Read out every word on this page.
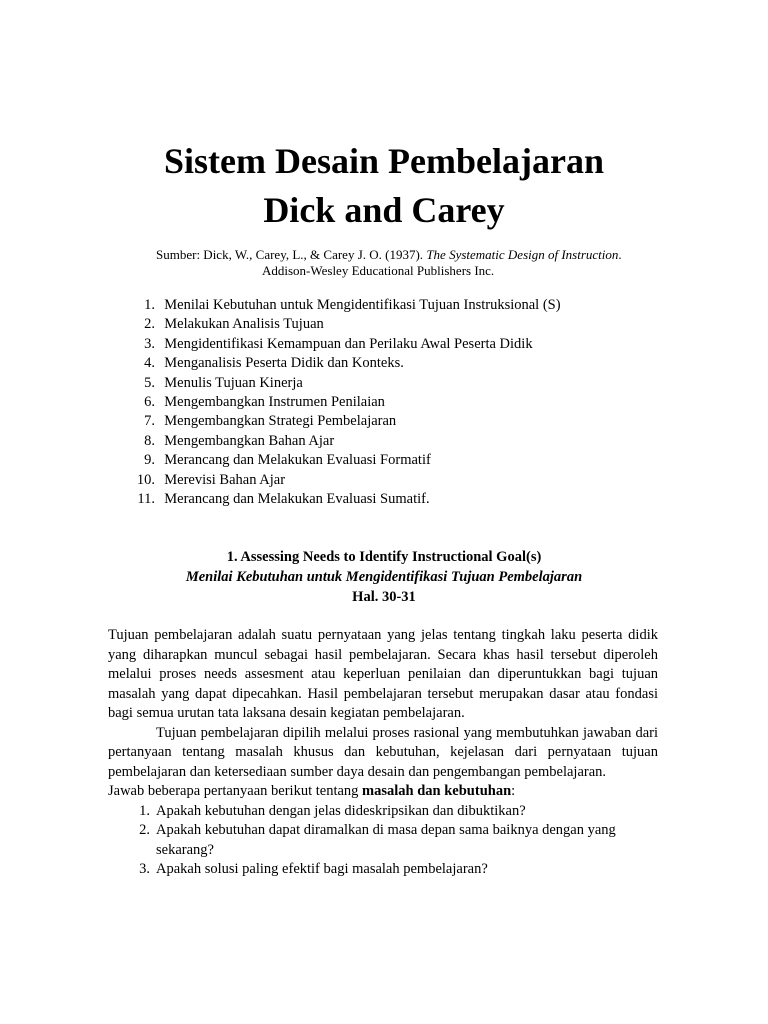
Sistem Desain Pembelajaran
Dick and Carey
Sumber: Dick, W., Carey, L., & Carey J. O. (1937). The Systematic Design of Instruction.
Addison-Wesley Educational Publishers Inc.
1.
Menilai Kebutuhan untuk Mengidentifikasi Tujuan Instruksional (S)
2.
Melakukan Analisis Tujuan
3.
Mengidentifikasi Kemampuan dan Perilaku Awal Peserta Didik
4.
Menganalisis Peserta Didik dan Konteks.
5.
Menulis Tujuan Kinerja
6.
Mengembangkan Instrumen Penilaian
7.
Mengembangkan Strategi Pembelajaran
8.
Mengembangkan Bahan Ajar
9.
Merancang dan Melakukan Evaluasi Formatif
10.
Merevisi Bahan Ajar
11.
Merancang dan Melakukan Evaluasi Sumatif.
1. Assessing Needs to Identify Instructional Goal(s)
Menilai Kebutuhan untuk Mengidentifikasi Tujuan Pembelajaran
Hal. 30-31

Tujuan pembelajaran adalah suatu pernyataan yang jelas tentang tingkah laku peserta didik yang diharapkan muncul sebagai hasil pembelajaran. Secara khas hasil tersebut diperoleh melalui proses needs assesment atau keperluan penilaian dan diperuntukkan bagi tujuan masalah yang dapat dipecahkan. Hasil pembelajaran tersebut merupakan dasar atau fondasi bagi semua urutan tata laksana desain kegiatan pembelajaran.

Tujuan pembelajaran dipilih melalui proses rasional yang membutuhkan jawaban dari pertanyaan tentang masalah khusus dan kebutuhan, kejelasan dari pernyataan tujuan pembelajaran dan ketersediaan sumber daya desain dan pengembangan pembelajaran.

Jawab beberapa pertanyaan berikut tentang masalah dan kebutuhan:

1. Apakah kebutuhan dengan jelas dideskripsikan dan dibuktikan?
2. Apakah kebutuhan dapat diramalkan di masa depan sama baiknya dengan yang sekarang?
3. Apakah solusi paling efektif bagi masalah pembelajaran?
